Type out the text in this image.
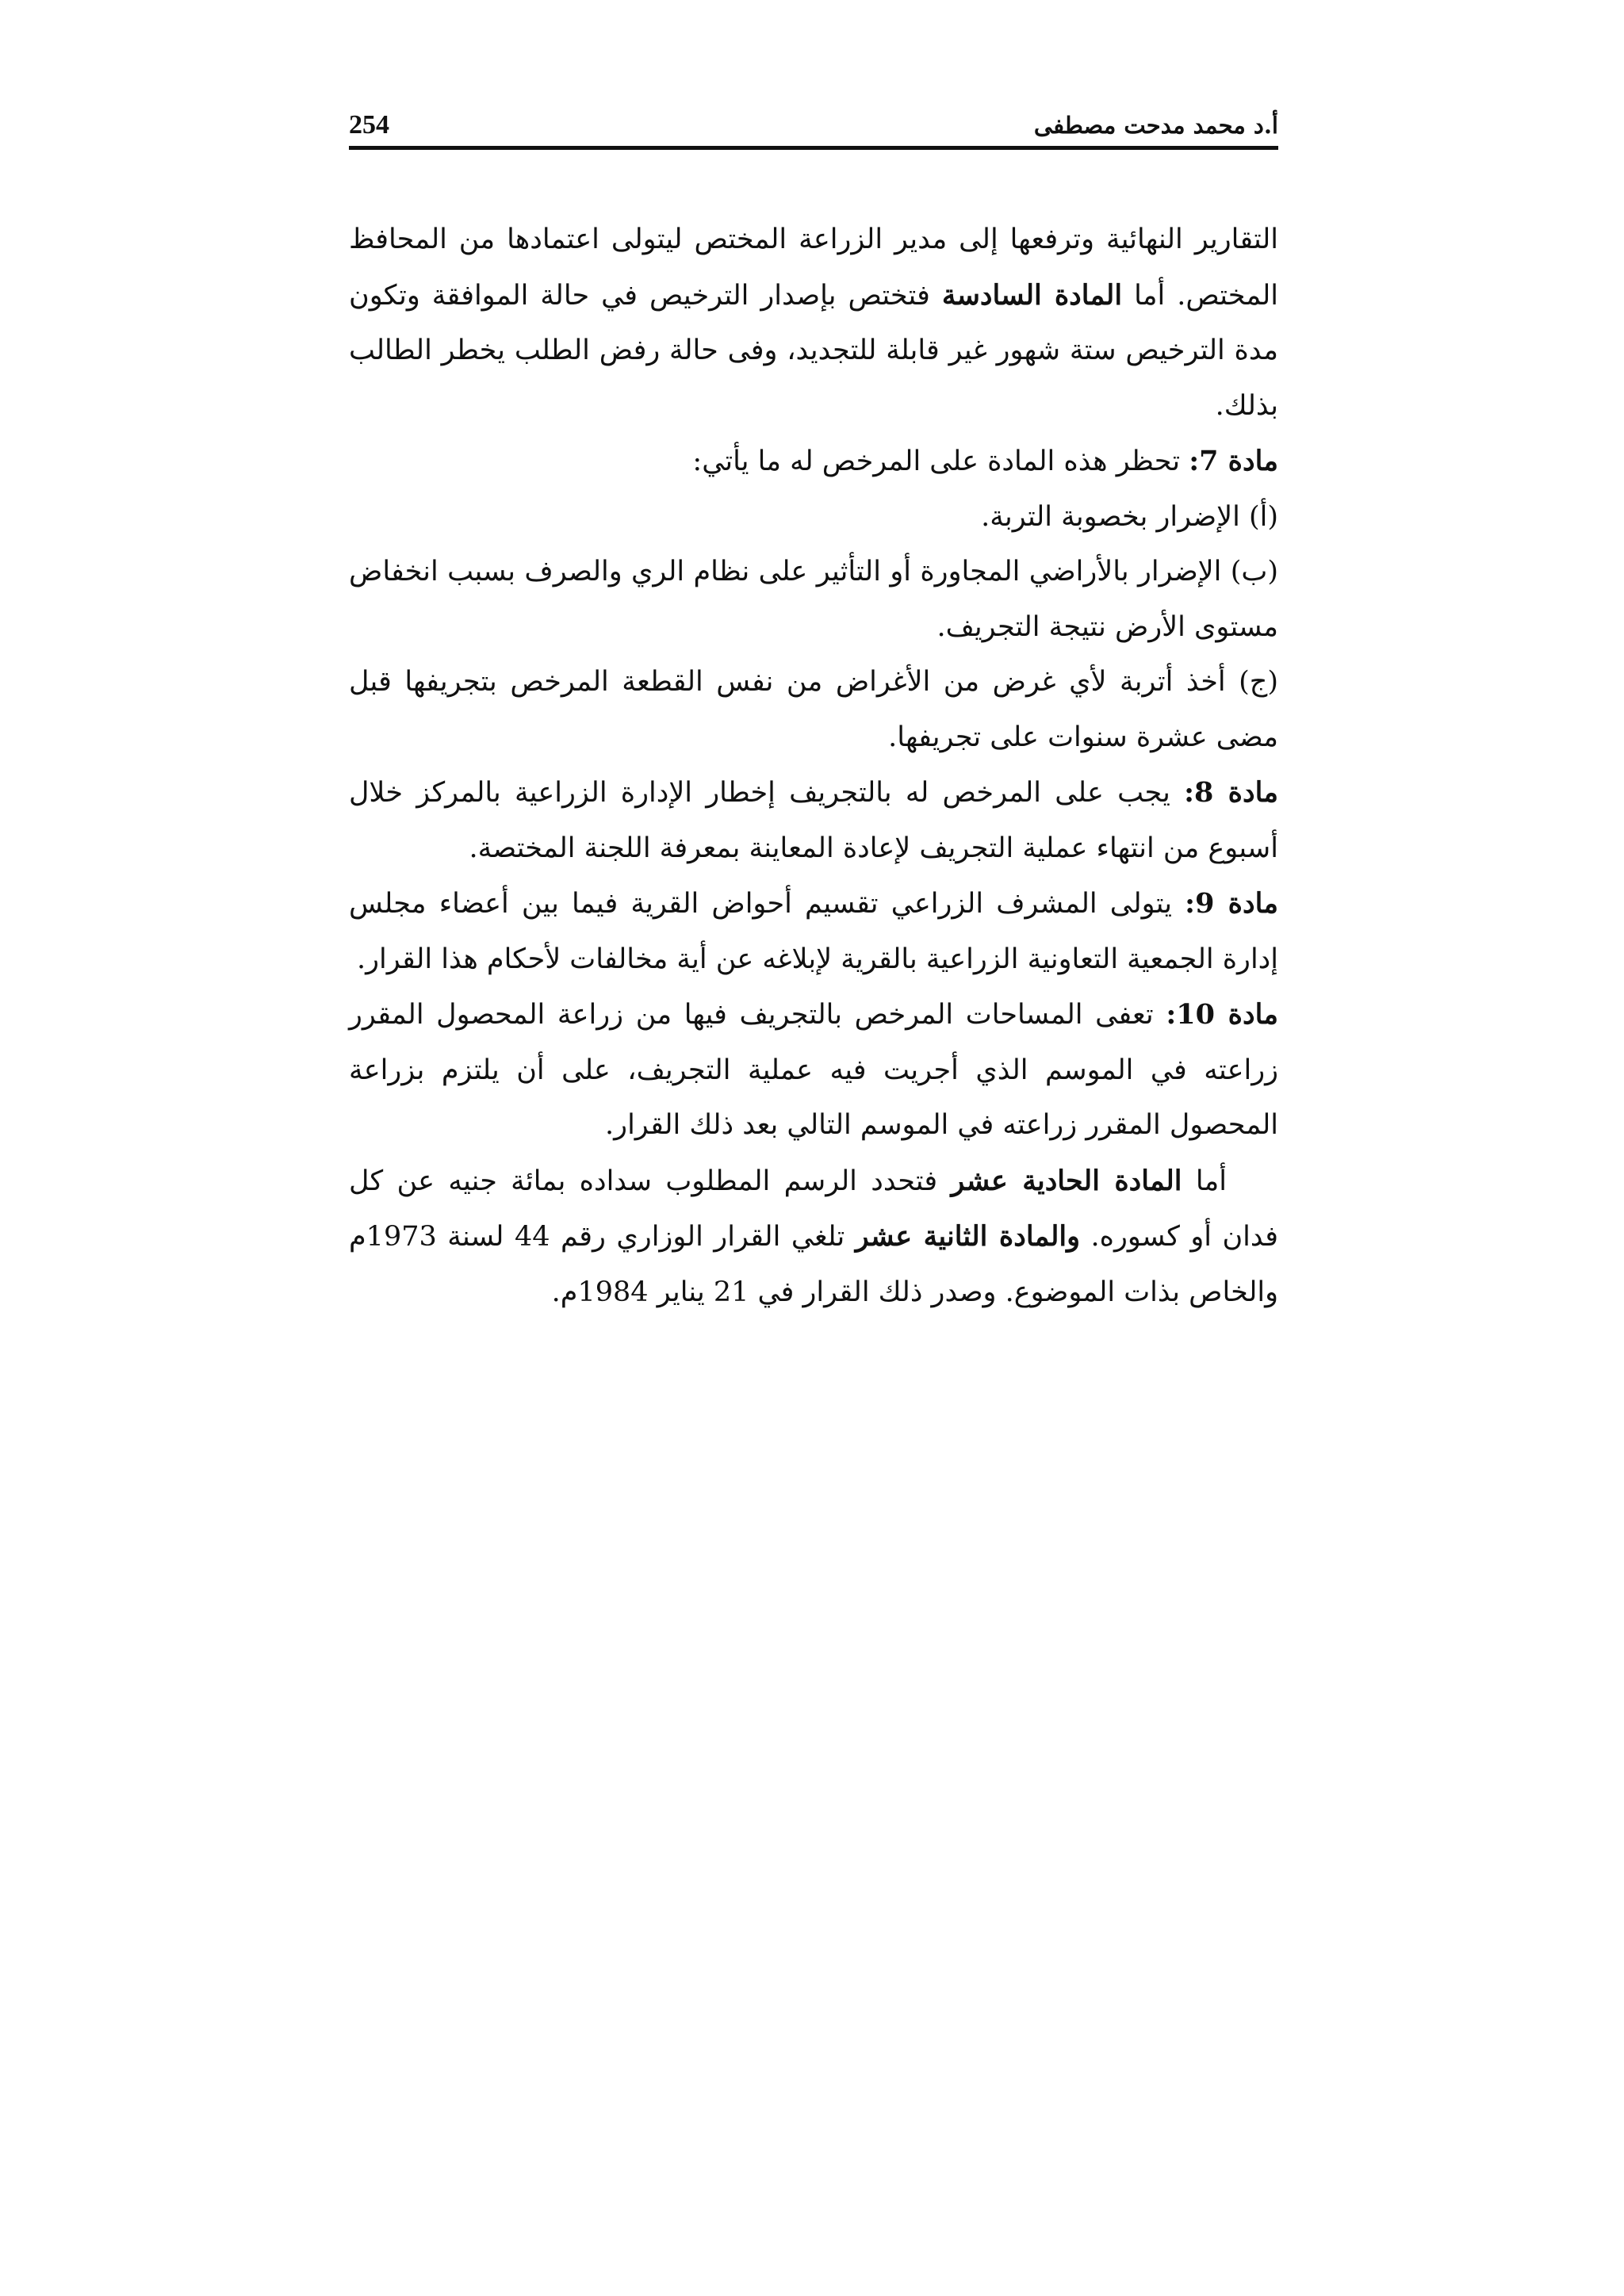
254	أ.د محمد مدحت مصطفى

التقارير النهائية وترفعها إلى مدير الزراعة المختص ليتولى اعتمادها من المحافظ المختص. أما المادة السادسة فتختص بإصدار الترخيص في حالة الموافقة وتكون مدة الترخيص ستة شهور غير قابلة للتجديد، وفى حالة رفض الطلب يخطر الطالب بذلك.

مادة 7: تحظر هذه المادة على المرخص له ما يأتي:

(أ) الإضرار بخصوبة التربة.

(ب) الإضرار بالأراضي المجاورة أو التأثير على نظام الري والصرف بسبب انخفاض مستوى الأرض نتيجة التجريف.

(ج) أخذ أتربة لأي غرض من الأغراض من نفس القطعة المرخص بتجريفها قبل مضى عشرة سنوات على تجريفها.

مادة 8: يجب على المرخص له بالتجريف إخطار الإدارة الزراعية بالمركز خلال أسبوع من انتهاء عملية التجريف لإعادة المعاينة بمعرفة اللجنة المختصة.

مادة 9: يتولى المشرف الزراعي تقسيم أحواض القرية فيما بين أعضاء مجلس إدارة الجمعية التعاونية الزراعية بالقرية لإبلاغه عن أية مخالفات لأحكام هذا القرار.

مادة 10: تعفى المساحات المرخص بالتجريف فيها من زراعة المحصول المقرر زراعته في الموسم الذي أجريت فيه عملية التجريف، على أن يلتزم بزراعة المحصول المقرر زراعته في الموسم التالي بعد ذلك القرار.

أما المادة الحادية عشر فتحدد الرسم المطلوب سداده بمائة جنيه عن كل فدان أو كسوره. والمادة الثانية عشر تلغي القرار الوزاري رقم 44 لسنة 1973م والخاص بذات الموضوع. وصدر ذلك القرار في 21 يناير 1984م.
